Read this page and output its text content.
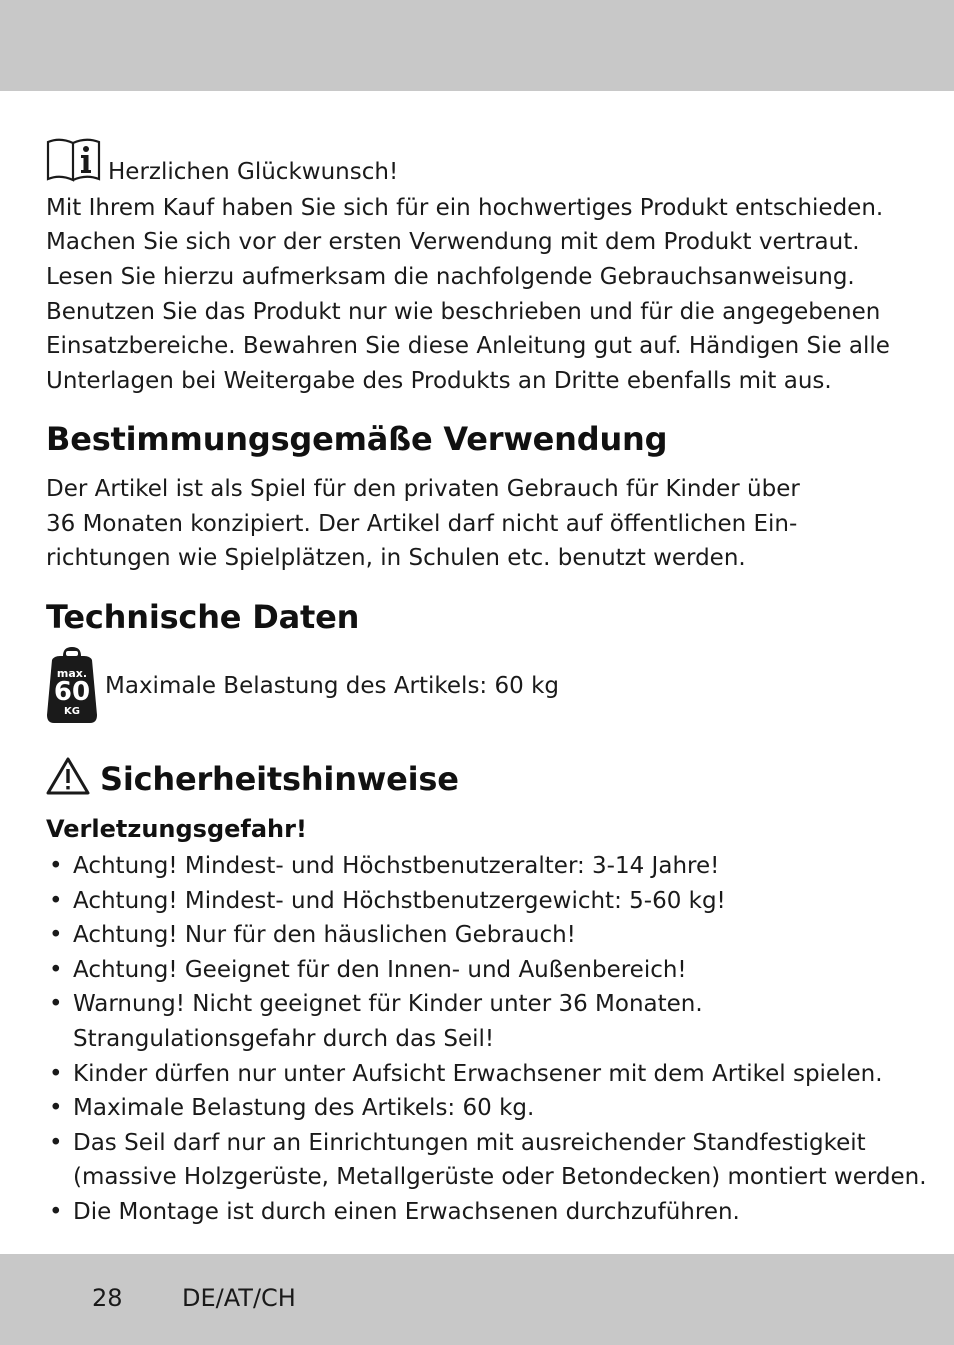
Herzlichen Glückwunsch!
Mit Ihrem Kauf haben Sie sich für ein hochwertiges Produkt entschieden.
Machen Sie sich vor der ersten Verwendung mit dem Produkt vertraut.
Lesen Sie hierzu aufmerksam die nachfolgende Gebrauchsanweisung.
Benutzen Sie das Produkt nur wie beschrieben und für die angegebenen
Einsatzbereiche. Bewahren Sie diese Anleitung gut auf. Händigen Sie alle
Unterlagen bei Weitergabe des Produkts an Dritte ebenfalls mit aus.
Bestimmungsgemäße Verwendung
Der Artikel ist als Spiel für den privaten Gebrauch für Kinder über
36 Monaten konzipiert. Der Artikel darf nicht auf öffentlichen Ein-
richtungen wie Spielplätzen, in Schulen etc. benutzt werden.
Technische Daten
max.
60
KG
Maximale Belastung des Artikels: 60 kg
Sicherheitshinweise
Verletzungsgefahr!
• Achtung! Mindest- und Höchstbenutzeralter: 3-14 Jahre!
• Achtung! Mindest- und Höchstbenutzergewicht: 5-60 kg!
• Achtung! Nur für den häuslichen Gebrauch!
• Achtung! Geeignet für den Innen- und Außenbereich!
• Warnung! Nicht geeignet für Kinder unter 36 Monaten.
Strangulationsgefahr durch das Seil!
• Kinder dürfen nur unter Aufsicht Erwachsener mit dem Artikel spielen.
• Maximale Belastung des Artikels: 60 kg.
• Das Seil darf nur an Einrichtungen mit ausreichender Standfestigkeit
(massive Holzgerüste, Metallgerüste oder Betondecken) montiert werden.
• Die Montage ist durch einen Erwachsenen durchzuführen.
28 DE/AT/CH
